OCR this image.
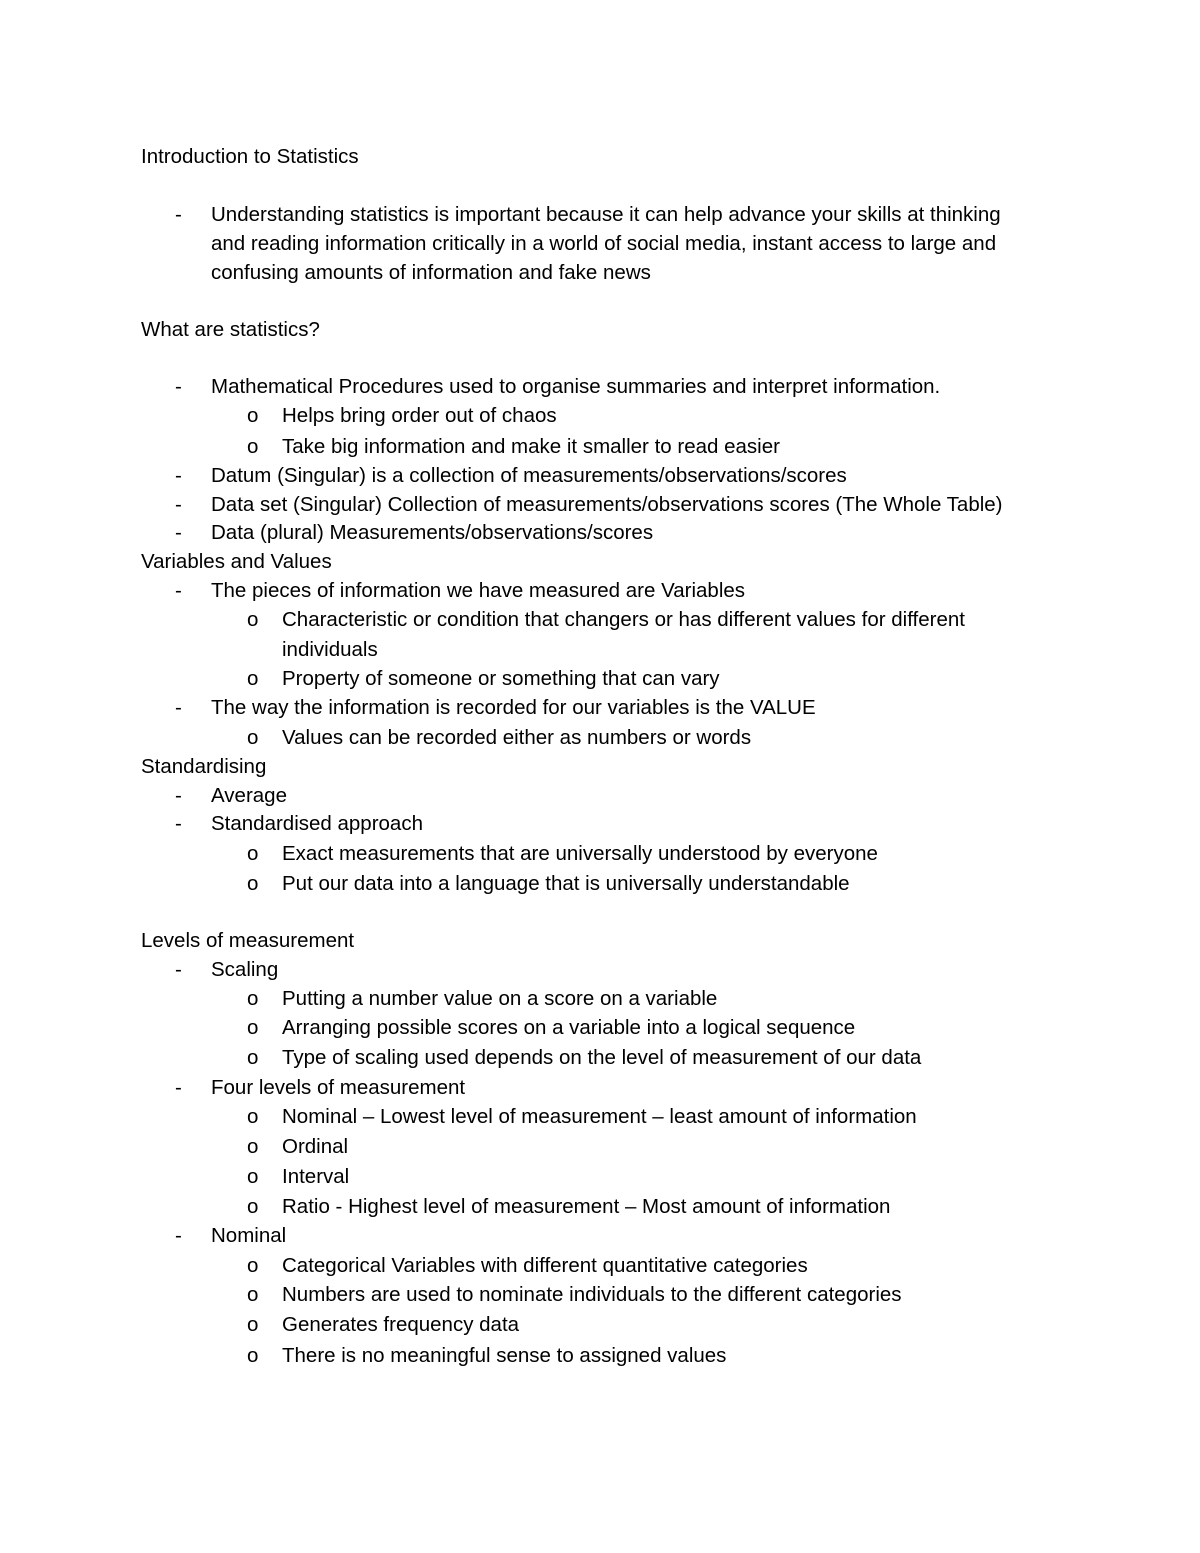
Introduction to Statistics
- Understanding statistics is important because it can help advance your skills at thinking
and reading information critically in a world of social media, instant access to large and
confusing amounts of information and fake news
What are statistics?
- Mathematical Procedures used to organise summaries and interpret information.
o Helps bring order out of chaos
o Take big information and make it smaller to read easier
- Datum (Singular) is a collection of measurements/observations/scores
- Data set (Singular) Collection of measurements/observations scores (The Whole Table)
- Data (plural) Measurements/observations/scores
Variables and Values
- The pieces of information we have measured are Variables
o Characteristic or condition that changers or has different values for different
individuals
o Property of someone or something that can vary
- The way the information is recorded for our variables is the VALUE
o Values can be recorded either as numbers or words
Standardising
- Average
- Standardised approach
o Exact measurements that are universally understood by everyone
o Put our data into a language that is universally understandable
Levels of measurement
- Scaling
o Putting a number value on a score on a variable
o Arranging possible scores on a variable into a logical sequence
o Type of scaling used depends on the level of measurement of our data
- Four levels of measurement
o Nominal – Lowest level of measurement – least amount of information
o Ordinal
o Interval
o Ratio - Highest level of measurement – Most amount of information
- Nominal
o Categorical Variables with different quantitative categories
o Numbers are used to nominate individuals to the different categories
o Generates frequency data
o There is no meaningful sense to assigned values
